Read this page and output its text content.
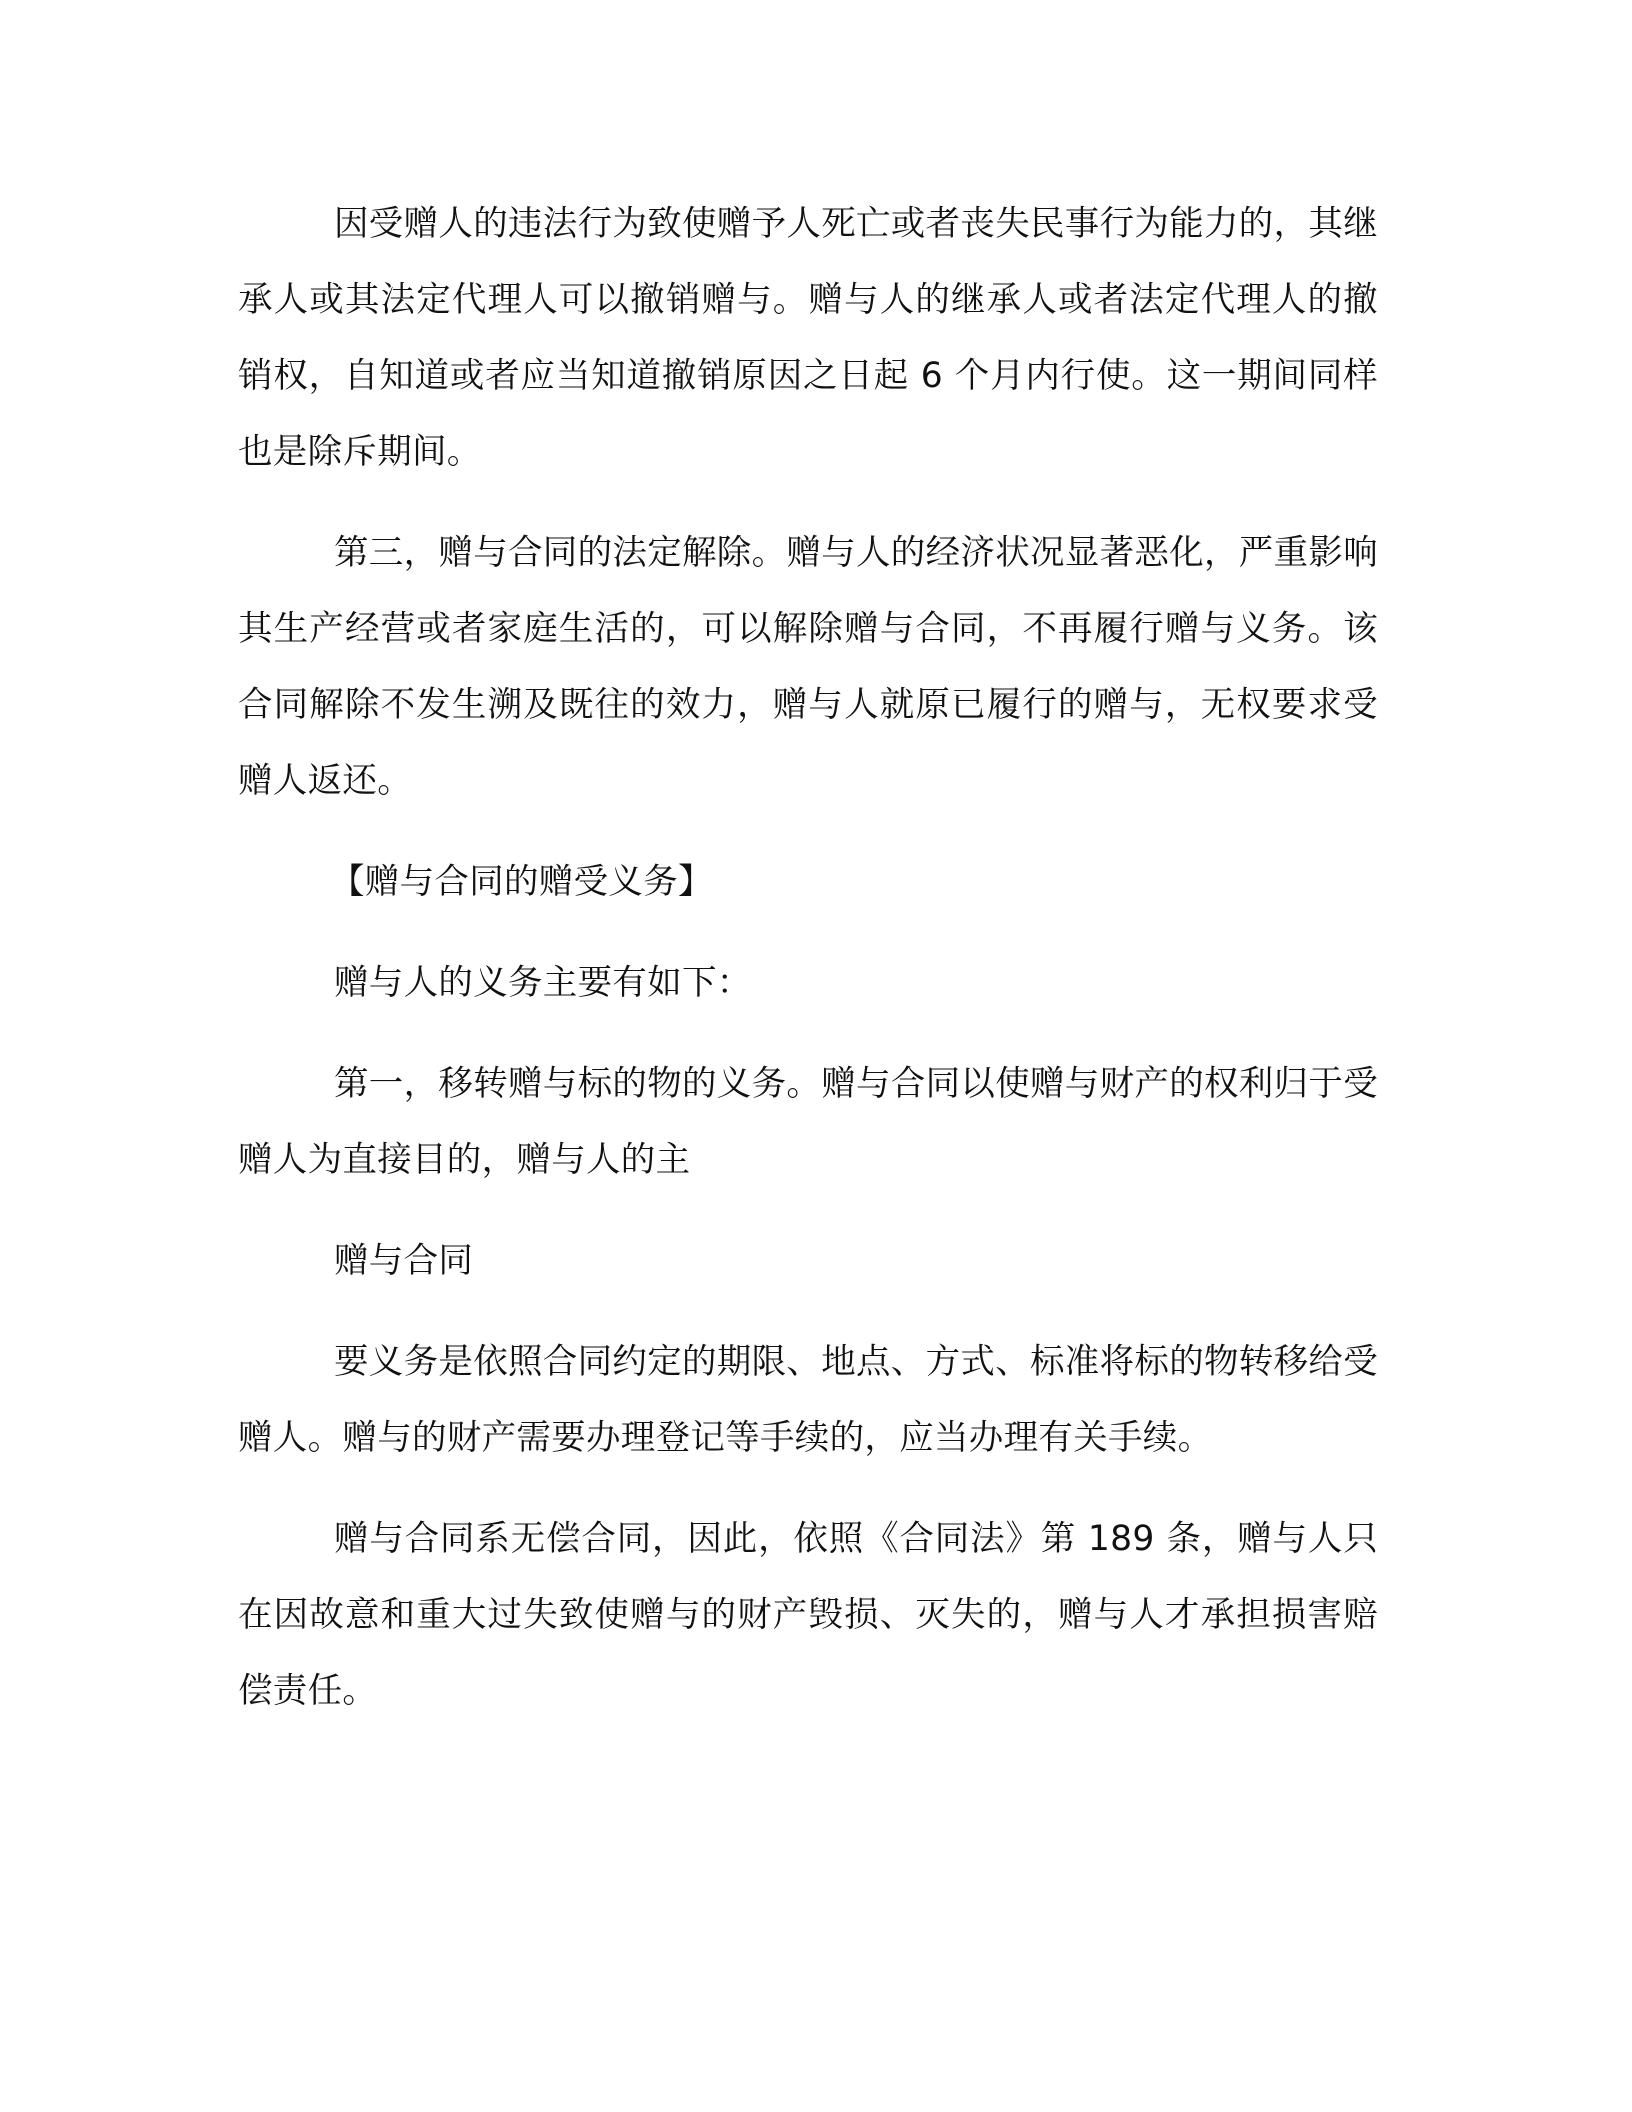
因受赠人的违法行为致使赠予人死亡或者丧失民事行为能力的，其继承人或其法定代理人可以撤销赠与。赠与人的继承人或者法定代理人的撤销权，自知道或者应当知道撤销原因之日起 6 个月内行使。这一期间同样也是除斥期间。

第三，赠与合同的法定解除。赠与人的经济状况显著恶化，严重影响其生产经营或者家庭生活的，可以解除赠与合同，不再履行赠与义务。该合同解除不发生溯及既往的效力，赠与人就原已履行的赠与，无权要求受赠人返还。

【赠与合同的赠受义务】

赠与人的义务主要有如下：

第一，移转赠与标的物的义务。赠与合同以使赠与财产的权利归于受赠人为直接目的，赠与人的主

赠与合同

要义务是依照合同约定的期限、地点、方式、标准将标的物转移给受赠人。赠与的财产需要办理登记等手续的，应当办理有关手续。

赠与合同系无偿合同，因此，依照《合同法》第 189 条，赠与人只在因故意和重大过失致使赠与的财产毁损、灭失的，赠与人才承担损害赔偿责任。
